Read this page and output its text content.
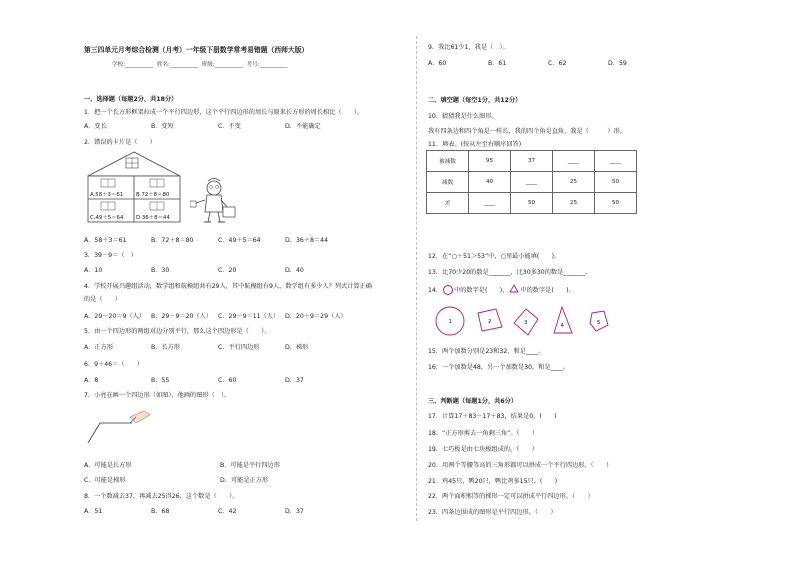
第三四单元月考综合检测（月考）一年级下册数学常考易错题（西师大版）
学校:__________ 姓名:__________ 班级:__________ 考号:__________
一、选择题（每题2分，共18分）
1．把一个长方形框架拉成一个平行四边形，这个平行四边形的周长与原来长方形的周长相比（　　）。
A．变长	B．变短	C．不变	D．不能确定
2．错误的卡片是（　　）
A.58＋3＝61 B.72＋8＝80
C.49＋5＝64 D.36＋8＝44
A．58＋3＝61	B．72＋8＝80	C．49＋5＝64	D．36＋8＝44
3．39－9＝（　）
A．10	B．30	C．20	D．40
4．学校开展兴趣组活动，数学组和航模组共有29人，其中航模组有9人，数学组有多少人？列式计算正确
的是（　　）
A．29－20＝9（人） B．29－9＝20（人） C．29－9＝11（人） D．20＋9＝29（人）
5．由一个四边形的两组对边分别平行，那么这个四边形是（　　）。
A．正方形	B．长方形	C．平行四边形	D．梯形
6．9＋46＝（　　）
A．8	B．55	C．60	D．37
7．小亮在画一个四边形（如图），他画的图形（　）。
A．可能是长方形	B．可能是平行四边形
C．可能是梯形	D．可能是正方形
8．一个数减去37，再减去25得26，这个数是（　　）。
A．51	B．68	C．42	D．37
9．我比61少1，我是（　）。
A．60	B．61	C．62	D．59
二、填空题（每空1分，共12分）
10．猜猜我是什么图形。
我有四条边和四个角是一样长，我的四个角是直角，我是（　　　）形。
11．填表。(按从左至右顺序回答)
被减数	95	37	____	____
减数	40	____	25	50
差	____	50	25	50
12．在“○＋51＞53”中，○里最小能填(　　)。
13．比70少20的数是_______，比30多30的数是_______。
14． 中的数字是(　　)， 中的数字是(　　)。
1	2	3	4	5
15．两个加数分别是23和32，和是____。
16．一个加数是48，另一个加数是30，和是____。
三、判断题（每题1分，共6分）
17．计算17＋83－17＋83，结果是0。(　　)
18．“正方形剪去一角剩三角”。（　　）
19．七巧板是由七块板组成的。（　　）
20．用两个等腰等高的三角形都可以拼成一个平行四边形。（　　）
21．鸡45只，鸭20只，鸭比鸡多15只。(　　)
22．两个面积相等的梯形一定可以拼成平行四边形。（　　）
23．四条边围成的图形是平行四边形。（　　）
